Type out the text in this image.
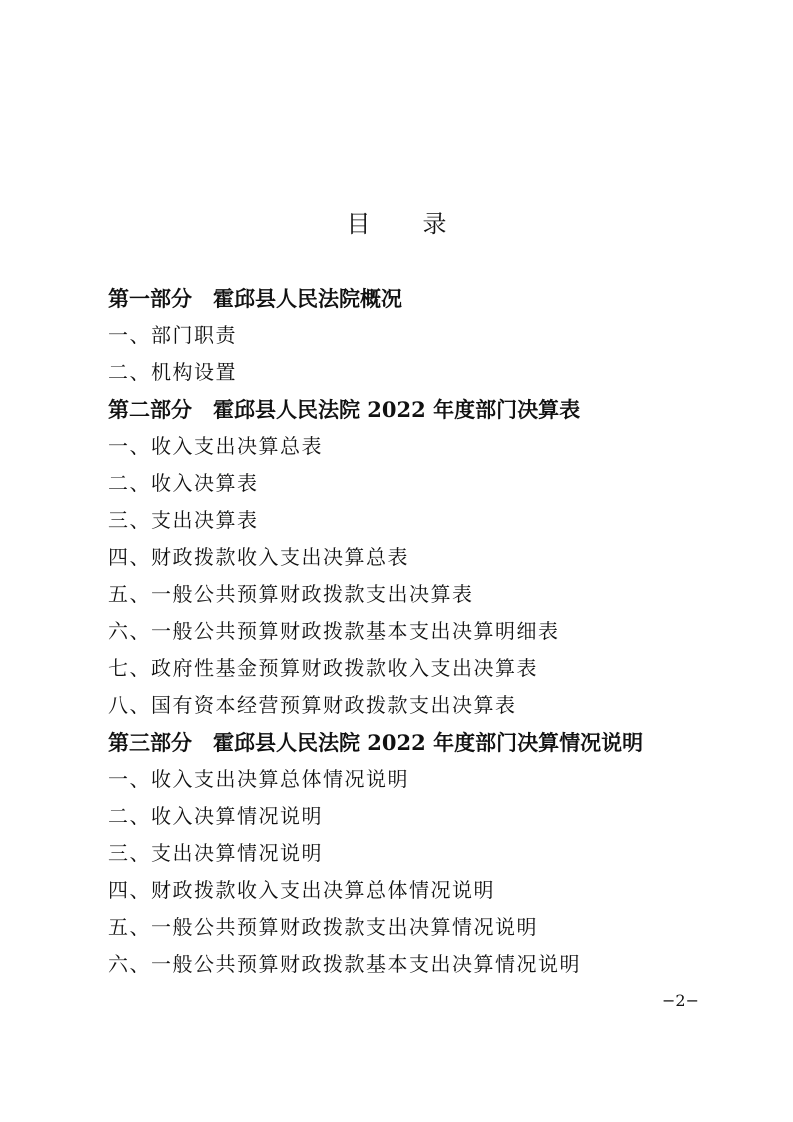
目　录
第一部分　霍邱县人民法院概况
一、部门职责
二、机构设置
第二部分　霍邱县人民法院 2022 年度部门决算表
一、收入支出决算总表
二、收入决算表
三、支出决算表
四、财政拨款收入支出决算总表
五、一般公共预算财政拨款支出决算表
六、一般公共预算财政拨款基本支出决算明细表
七、政府性基金预算财政拨款收入支出决算表
八、国有资本经营预算财政拨款支出决算表
第三部分　霍邱县人民法院 2022 年度部门决算情况说明
一、收入支出决算总体情况说明
二、收入决算情况说明
三、支出决算情况说明
四、财政拨款收入支出决算总体情况说明
五、一般公共预算财政拨款支出决算情况说明
六、一般公共预算财政拨款基本支出决算情况说明
−2−
